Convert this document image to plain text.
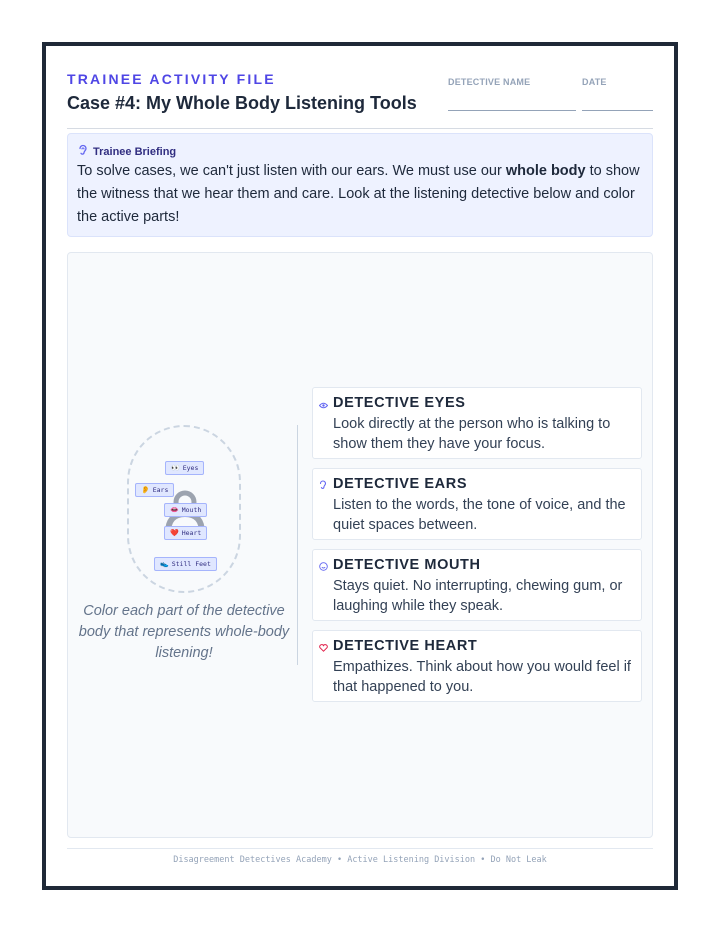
TRAINEE ACTIVITY FILE
Case #4: My Whole Body Listening Tools
DETECTIVE NAME	DATE
Trainee Briefing
To solve cases, we can't just listen with our ears. We must use our whole body to show the witness that we hear them and care. Look at the listening detective below and color the active parts!
👀 Eyes
👂 Ears
👄 Mouth
❤️ Heart
👟 Still Feet
Color each part of the detective body that represents whole-body listening!
DETECTIVE EYES
Look directly at the person who is talking to show them they have your focus.
DETECTIVE EARS
Listen to the words, the tone of voice, and the quiet spaces between.
DETECTIVE MOUTH
Stays quiet. No interrupting, chewing gum, or laughing while they speak.
DETECTIVE HEART
Empathizes. Think about how you would feel if that happened to you.
Disagreement Detectives Academy • Active Listening Division • Do Not Leak
